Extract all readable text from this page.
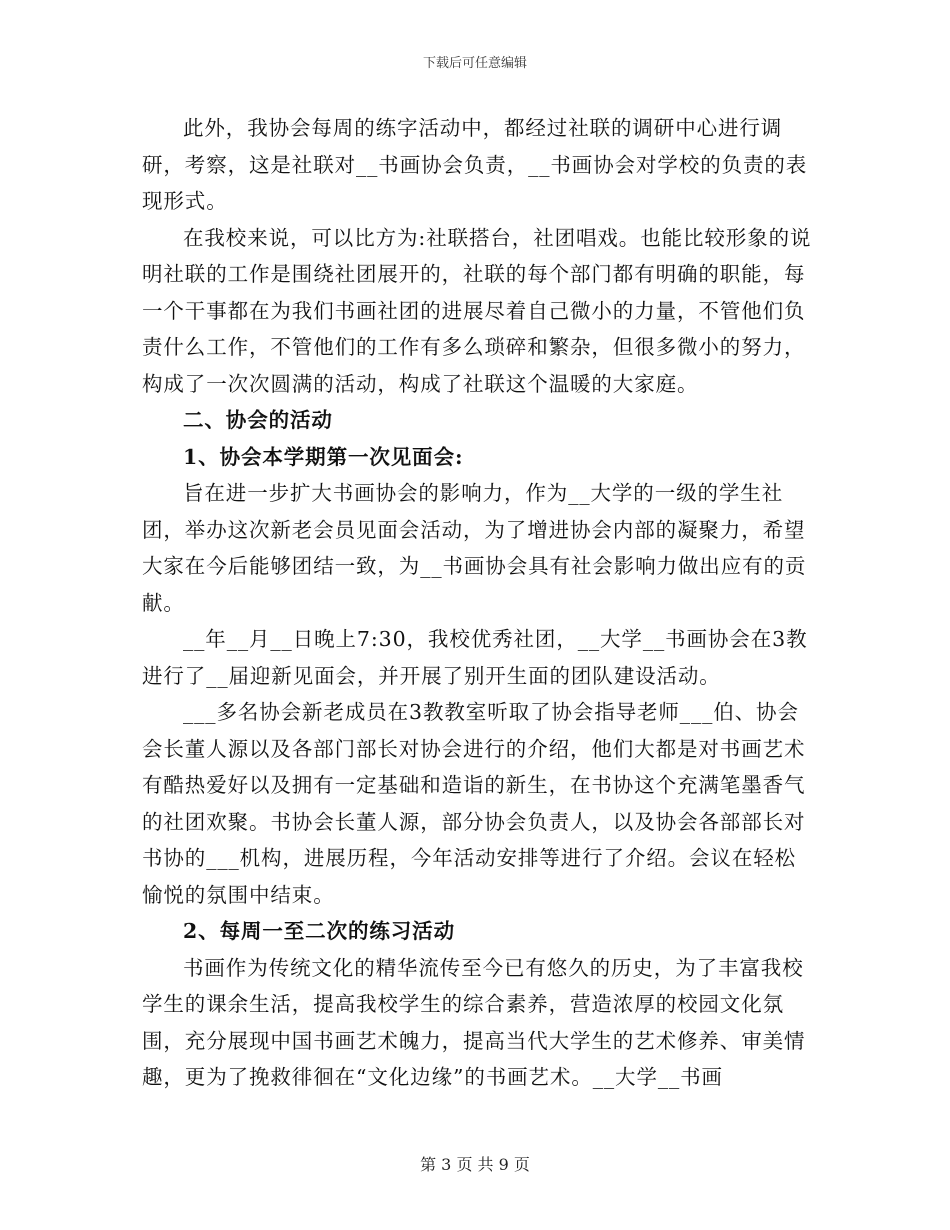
下载后可任意编辑

此外，我协会每周的练字活动中，都经过社联的调研中心进行调研，考察，这是社联对__书画协会负责，__书画协会对学校的负责的表现形式。

在我校来说，可以比方为:社联搭台，社团唱戏。也能比较形象的说明社联的工作是围绕社团展开的，社联的每个部门都有明确的职能，每一个干事都在为我们书画社团的进展尽着自己微小的力量，不管他们负责什么工作，不管他们的工作有多么琐碎和繁杂，但很多微小的努力，构成了一次次圆满的活动，构成了社联这个温暖的大家庭。

二、协会的活动

1、协会本学期第一次见面会:

旨在进一步扩大书画协会的影响力，作为__大学的一级的学生社团，举办这次新老会员见面会活动，为了增进协会内部的凝聚力，希望大家在今后能够团结一致，为__书画协会具有社会影响力做出应有的贡献。

__年__月__日晚上7:30，我校优秀社团，__大学__书画协会在3教进行了__届迎新见面会，并开展了别开生面的团队建设活动。

___多名协会新老成员在3教教室听取了协会指导老师___伯、协会会长董人源以及各部门部长对协会进行的介绍，他们大都是对书画艺术有酷热爱好以及拥有一定基础和造诣的新生，在书协这个充满笔墨香气的社团欢聚。书协会长董人源，部分协会负责人，以及协会各部部长对书协的___机构，进展历程，今年活动安排等进行了介绍。会议在轻松愉悦的氛围中结束。

2、每周一至二次的练习活动

书画作为传统文化的精华流传至今已有悠久的历史，为了丰富我校学生的课余生活，提高我校学生的综合素养，营造浓厚的校园文化氛围，充分展现中国书画艺术魄力，提高当代大学生的艺术修养、审美情趣，更为了挽救徘徊在“文化边缘”的书画艺术。__大学__书画

第 3 页 共 9 页
